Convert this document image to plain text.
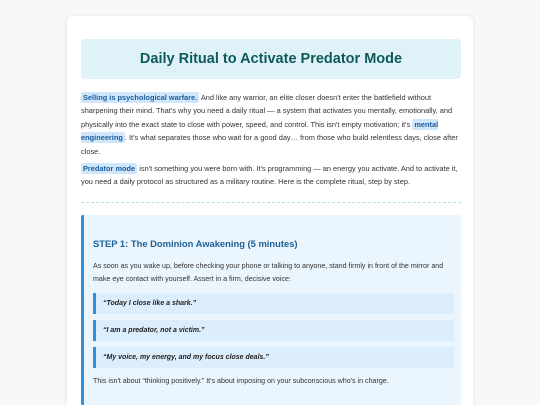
Daily Ritual to Activate Predator Mode

Selling is psychological warfare. And like any warrior, an elite closer doesn't enter the battlefield without sharpening their mind. That's why you need a daily ritual — a system that activates you mentally, emotionally, and physically into the exact state to close with power, speed, and control. This isn't empty motivation; it's mental engineering . It's what separates those who wait for a good day… from those who build relentless days, close after close.

Predator mode isn't something you were born with. It's programming — an energy you activate. And to activate it, you need a daily protocol as structured as a military routine. Here is the complete ritual, step by step.

STEP 1: The Dominion Awakening (5 minutes)

As soon as you wake up, before checking your phone or talking to anyone, stand firmly in front of the mirror and make eye contact with yourself. Assert in a firm, decisive voice:

“Today I close like a shark.”
“I am a predator, not a victim.”
“My voice, my energy, and my focus close deals.”

This isn't about “thinking positively.” It's about imposing on your subconscious who's in charge.
